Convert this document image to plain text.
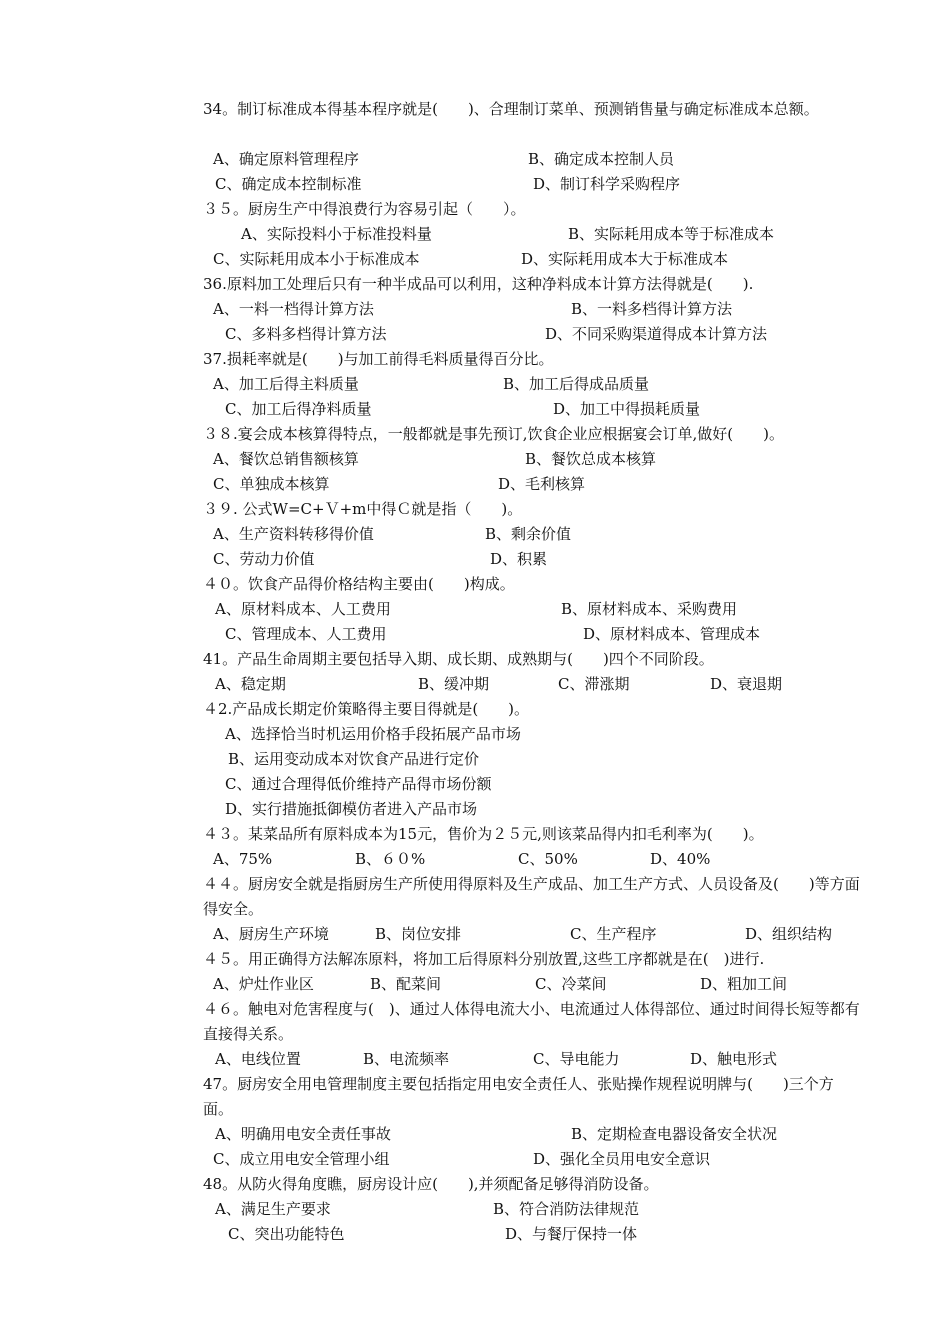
34。制订标准成本得基本程序就是(　　)、合理制订菜单、预测销售量与确定标准成本总额。
A、确定原料管理程序	B、确定成本控制人员
C、确定成本控制标准	D、制订科学采购程序
３５。厨房生产中得浪费行为容易引起（　　）。
A、实际投料小于标准投料量	B、实际耗用成本等于标准成本
C、实际耗用成本小于标准成本	D、实际耗用成本大于标准成本
36.原料加工处理后只有一种半成品可以利用，这种净料成本计算方法得就是(　　).
A、一料一档得计算方法	B、一料多档得计算方法
C、多料多档得计算方法	D、不同采购渠道得成本计算方法
37.损耗率就是(　　)与加工前得毛料质量得百分比。
A、加工后得主料质量	B、加工后得成品质量
C、加工后得净料质量	D、加工中得损耗质量
３８.宴会成本核算得特点，一般都就是事先预订,饮食企业应根据宴会订单,做好(　　)。
A、餐饮总销售额核算	B、餐饮总成本核算
C、单独成本核算	D、毛利核算
３９. 公式W=C+Ｖ+m中得Ｃ就是指（　　)。
A、生产资料转移得价值	B、剩余价值
C、劳动力价值	D、积累
４０。饮食产品得价格结构主要由(　　)构成。
A、原材料成本、人工费用	B、原材料成本、采购费用
C、管理成本、人工费用	D、原材料成本、管理成本
41。产品生命周期主要包括导入期、成长期、成熟期与(　　)四个不同阶段。
A、稳定期	B、缓冲期	C、滞涨期	D、衰退期
４2.产品成长期定价策略得主要目得就是(　　)。
A、选择恰当时机运用价格手段拓展产品市场
B、运用变动成本对饮食产品进行定价
C、通过合理得低价维持产品得市场份额
D、实行措施抵御模仿者进入产品市场
４３。某菜品所有原料成本为15元，售价为２５元,则该菜品得内扣毛利率为(　　)。
A、75%	B、６０%	C、50%	D、40%
４４。厨房安全就是指厨房生产所使用得原料及生产成品、加工生产方式、人员设备及(　　)等方面得安全。
A、厨房生产环境	B、岗位安排	C、生产程序	D、组织结构
４５。用正确得方法解冻原料，将加工后得原料分别放置,这些工序都就是在(　)进行.
A、炉灶作业区	B、配菜间	C、冷菜间	D、粗加工间
４６。触电对危害程度与(　)、通过人体得电流大小、电流通过人体得部位、通过时间得长短等都有直接得关系。
A、电线位置	B、电流频率	C、导电能力	D、触电形式
47。厨房安全用电管理制度主要包括指定用电安全责任人、张贴操作规程说明牌与(　　)三个方面。
A、明确用电安全责任事故	B、定期检查电器设备安全状况
C、成立用电安全管理小组	D、强化全员用电安全意识
48。从防火得角度瞧，厨房设计应(　　),并须配备足够得消防设备。
A、满足生产要求	B、符合消防法律规范
C、突出功能特色	D、与餐厅保持一体
